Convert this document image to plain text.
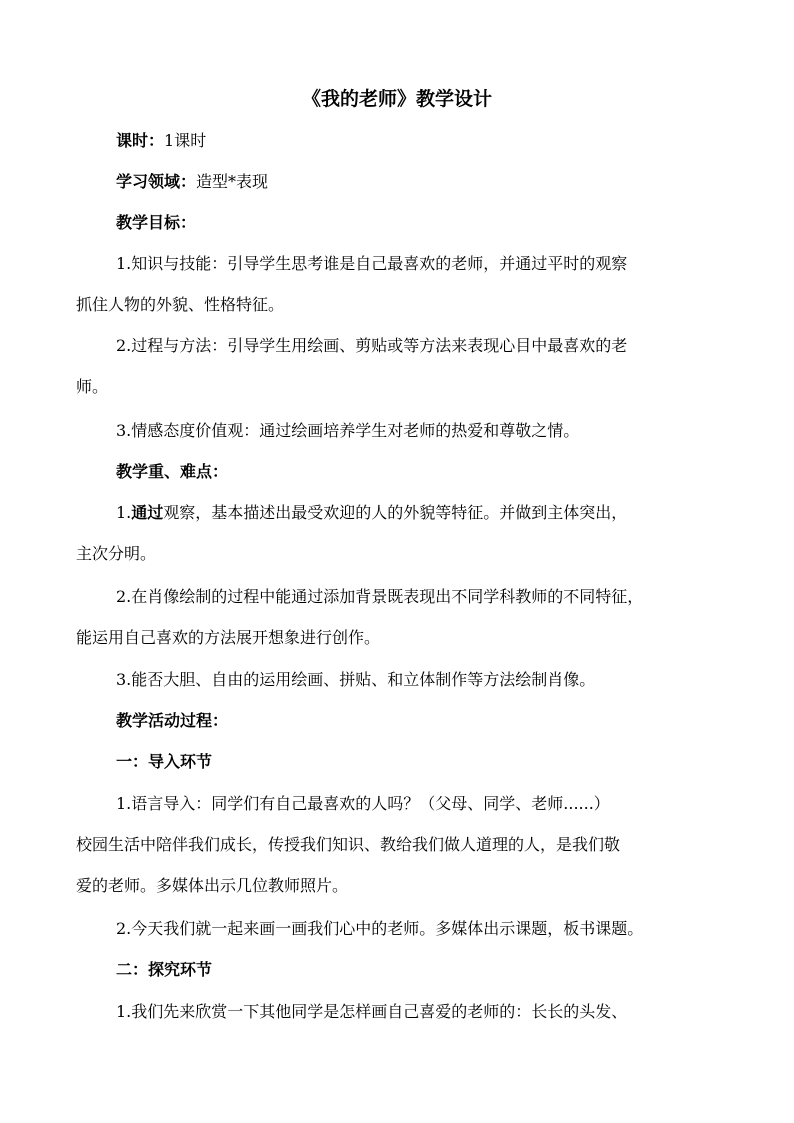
《我的老师》教学设计
课时：1课时
学习领域：造型*表现
教学目标：
1.知识与技能：引导学生思考谁是自己最喜欢的老师，并通过平时的观察
抓住人物的外貌、性格特征。
2.过程与方法：引导学生用绘画、剪贴或等方法来表现心目中最喜欢的老
师。
3.情感态度价值观：通过绘画培养学生对老师的热爱和尊敬之情。
教学重、难点：
1.通过观察，基本描述出最受欢迎的人的外貌等特征。并做到主体突出，
主次分明。
2.在肖像绘制的过程中能通过添加背景既表现出不同学科教师的不同特征，
能运用自己喜欢的方法展开想象进行创作。
3.能否大胆、自由的运用绘画、拼贴、和立体制作等方法绘制肖像。
教学活动过程：
一：导入环节
1.语言导入：同学们有自己最喜欢的人吗？（父母、同学、老师......）
校园生活中陪伴我们成长，传授我们知识、教给我们做人道理的人，是我们敬
爱的老师。多媒体出示几位教师照片。
2.今天我们就一起来画一画我们心中的老师。多媒体出示课题，板书课题。
二：探究环节
1.我们先来欣赏一下其他同学是怎样画自己喜爱的老师的：长长的头发、
